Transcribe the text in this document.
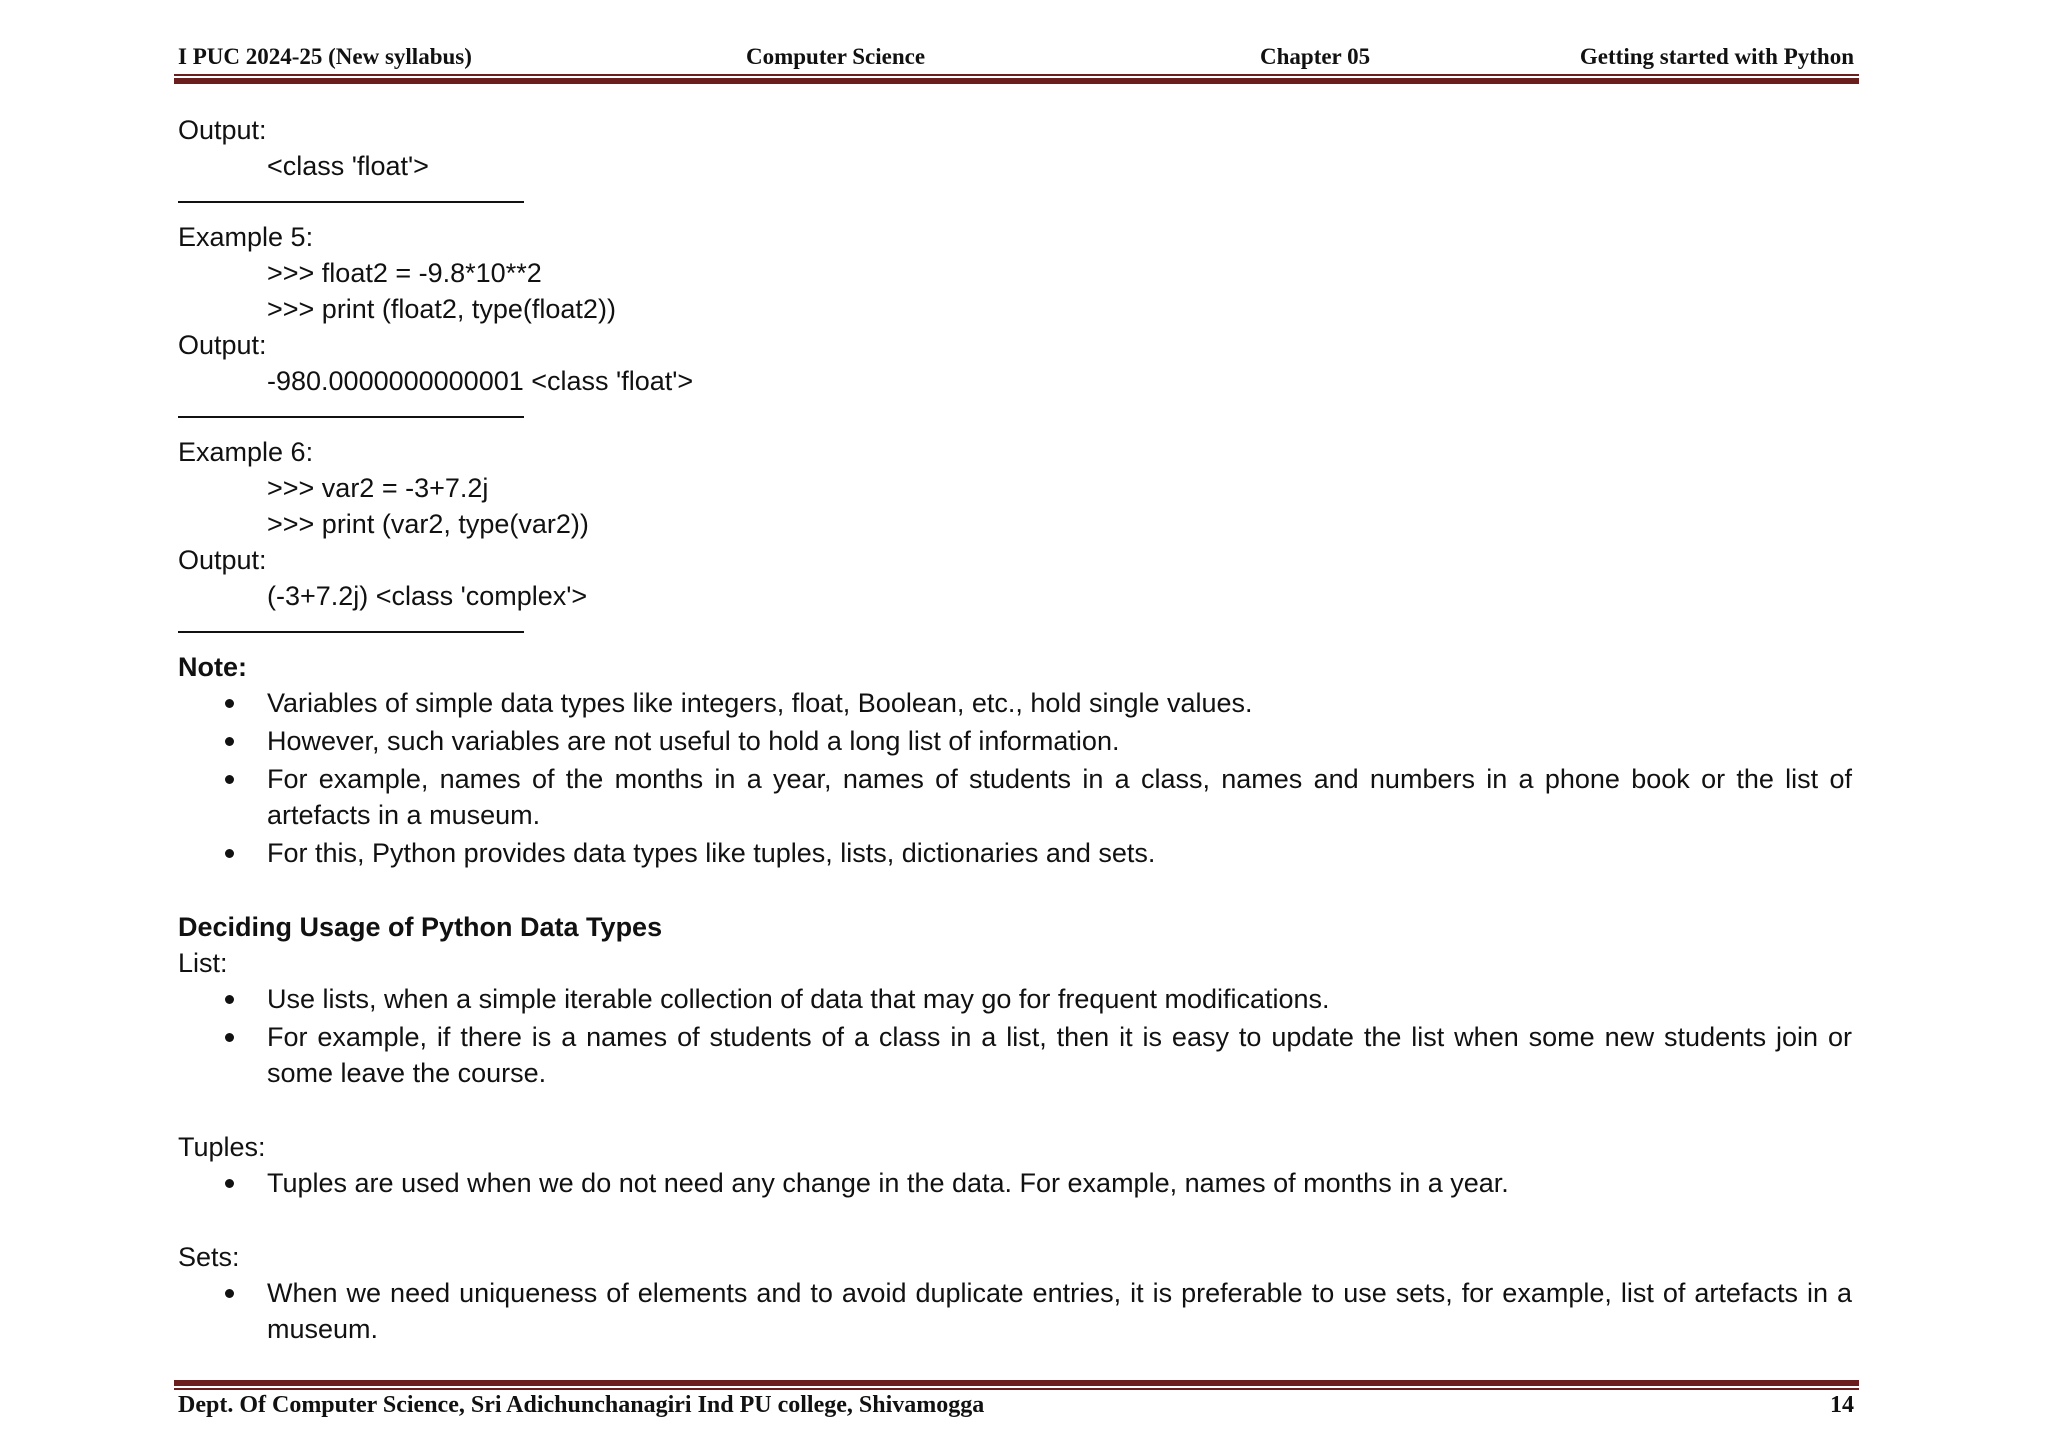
I PUC 2024-25 (New syllabus)	Computer Science	Chapter 05	Getting started with Python
Output:
<class 'float'>
Example 5:
>>> float2 = -9.8*10**2
>>> print (float2, type(float2))
Output:
-980.0000000000001 <class 'float'>
Example 6:
>>> var2 = -3+7.2j
>>> print (var2, type(var2))
Output:
(-3+7.2j) <class 'complex'>
Note:
Variables of simple data types like integers, float, Boolean, etc., hold single values.
However, such variables are not useful to hold a long list of information.
For example, names of the months in a year, names of students in a class, names and numbers in a phone book or the list of artefacts in a museum.
For this, Python provides data types like tuples, lists, dictionaries and sets.
Deciding Usage of Python Data Types
List:
Use lists, when a simple iterable collection of data that may go for frequent modifications.
For example, if there is a names of students of a class in a list, then it is easy to update the list when some new students join or some leave the course.
Tuples:
Tuples are used when we do not need any change in the data. For example, names of months in a year.
Sets:
When we need uniqueness of elements and to avoid duplicate entries, it is preferable to use sets, for example, list of artefacts in a museum.
Dept. Of Computer Science, Sri Adichunchanagiri Ind PU college, Shivamogga	14
